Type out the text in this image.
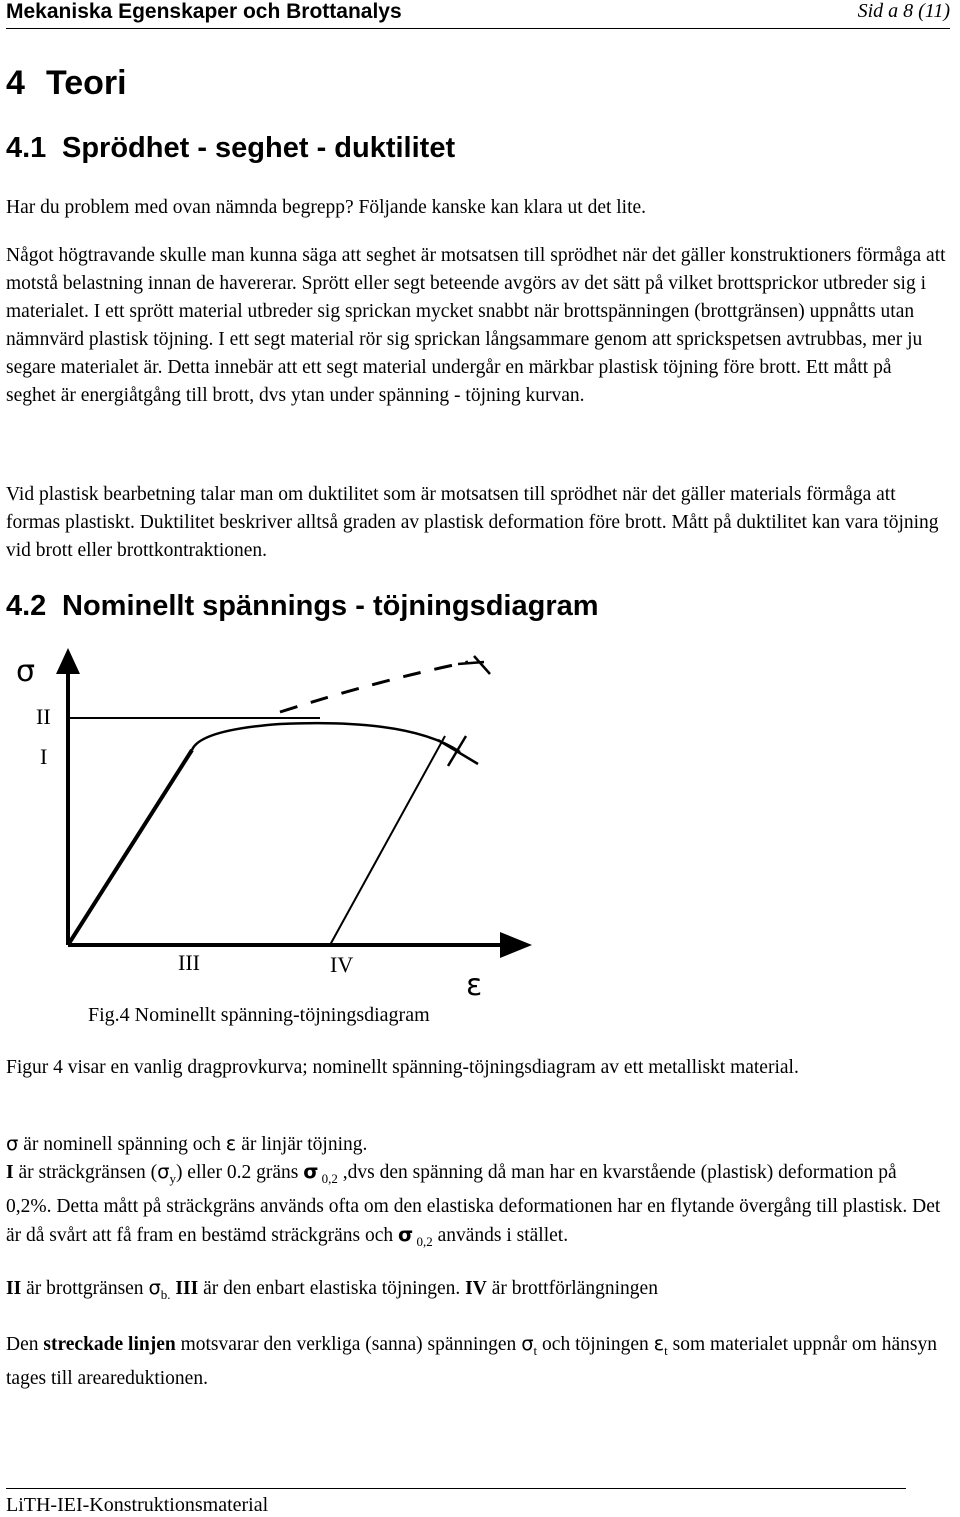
Mekaniska Egenskaper och Brottanalys	Sid a 8 (11)
4 Teori
4.1 Sprödhet - seghet - duktilitet

Har du problem med ovan nämnda begrepp? Följande kanske kan klara ut det lite.

Något högtravande skulle man kunna säga att seghet är motsatsen till sprödhet när det gäller konstruktioners förmåga att motstå belastning innan de havererar. Sprött eller segt beteende avgörs av det sätt på vilket brottsprickor utbreder sig i materialet. I ett sprött material utbreder sig sprickan mycket snabbt när brottspänningen (brottgränsen) uppnåtts utan nämnvärd plastisk töjning. I ett segt material rör sig sprickan långsammare genom att sprickspetsen avtrubbas, mer ju segare materialet är. Detta innebär att ett segt material undergår en märkbar plastisk töjning före brott. Ett mått på seghet är energiåtgång till brott, dvs ytan under spänning - töjning kurvan.

Vid plastisk bearbetning talar man om duktilitet som är motsatsen till sprödhet när det gäller materials förmåga att formas plastiskt. Duktilitet beskriver alltså graden av plastisk deformation före brott. Mått på duktilitet kan vara töjning vid brott eller brottkontraktionen.

4.2 Nominellt spännings - töjningsdiagram
σ
II
I
III	IV
ε
Fig.4 Nominellt spänning-töjningsdiagram

Figur 4 visar en vanlig dragprovkurva; nominellt spänning-töjningsdiagram av ett metalliskt material.

σ är nominell spänning och ε är linjär töjning.

I är sträckgränsen $(\sigma_y)$ eller 0.2 gräns σ $_{0,2}$ ,dvs den spänning då man har en kvarstående (plastisk) deformation på 0,2%. Detta mått på sträckgräns används ofta om den elastiska deformationen har en flytande övergång till plastisk. Det är då svårt att få fram en bestämd sträckgräns och σ $_{0,2}$ används i stället.

II är brottgränsen $\sigma_{b.}$ III är den enbart elastiska töjningen. IV är brottförlängningen

Den streckade linjen motsvarar den verkliga (sanna) spänningen $\sigma_t$ och töjningen $\varepsilon_t$ som materialet uppnår om hänsyn tages till areareduktionen.

LiTH-IEI-Konstruktionsmaterial
